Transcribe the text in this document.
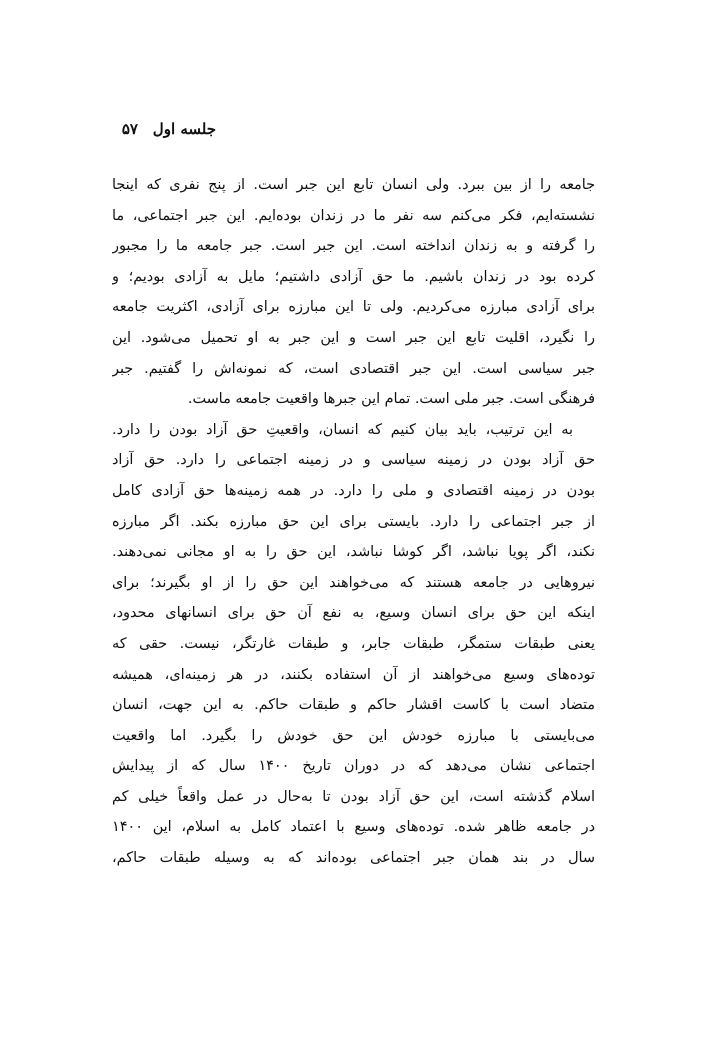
جلسه اول
۵۷
جامعه را از بین ببرد. ولی انسان تابع این جبر است. از پنج نفری که اینجا
نشسته‌ایم، فکر می‌کنم سه نفر ما در زندان بوده‌ایم. این جبر اجتماعی، ما
را گرفته و به زندان انداخته است. این جبر است. جبر جامعه ما را مجبور
کرده بود در زندان باشیم. ما حق آزادی داشتیم؛ مایل به آزادی بودیم؛ و
برای آزادی مبارزه می‌کردیم. ولی تا این مبارزه برای آزادی، اکثریت جامعه
را نگیرد، اقلیت تابع این جبر است و این جبر به او تحمیل می‌شود. این
جبر سیاسی است. این جبر اقتصادی است، که نمونه‌اش را گفتیم. جبر
فرهنگی است. جبر ملی است. تمام این جبرها واقعیت جامعه ماست.
به این ترتیب، باید بیان کنیم که انسان، واقعیتِ حق آزاد بودن را دارد.
حق آزاد بودن در زمینه سیاسی و در زمینه اجتماعی را دارد. حق آزاد
بودن در زمینه اقتصادی و ملی را دارد. در همه زمینه‌ها حق آزادی کامل
از جبر اجتماعی را دارد. بایستی برای این حق مبارزه بکند. اگر مبارزه
نکند، اگر پویا نباشد، اگر کوشا نباشد، این حق را به او مجانی نمی‌دهند.
نیروهایی در جامعه هستند که می‌خواهند این حق را از او بگیرند؛ برای
اینکه این حق برای انسان وسیع، به نفع آن حق برای انسانهای محدود،
یعنی طبقات ستمگر، طبقات جابر، و طبقات غارتگر، نیست. حقی که
توده‌های وسیع می‌خواهند از آن استفاده بکنند، در هر زمینه‌ای، همیشه
متضاد است با کاست اقشار حاکم و طبقات حاکم. به این جهت، انسان
می‌بایستی با مبارزه خودش این حق خودش را بگیرد. اما واقعیت
اجتماعی نشان می‌دهد که در دوران تاریخ ۱۴۰۰ سال که از پیدایش
اسلام گذشته است، این حق آزاد بودن تا به‌حال در عمل واقعاً خیلی کم
در جامعه ظاهر شده. توده‌های وسیع با اعتماد کامل به اسلام، این ۱۴۰۰
سال در بند همان جبر اجتماعی بوده‌اند که به وسیله طبقات حاکم،
